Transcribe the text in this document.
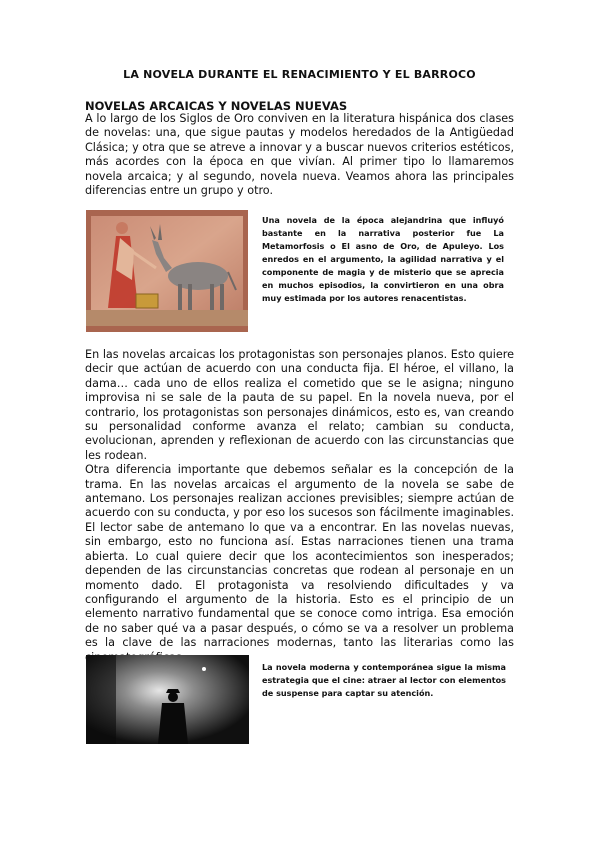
LA NOVELA DURANTE EL RENACIMIENTO Y EL BARROCO
NOVELAS ARCAICAS Y NOVELAS NUEVAS

A lo largo de los Siglos de Oro conviven en la literatura hispánica dos clases de novelas: una, que sigue pautas y modelos heredados de la Antigüedad Clásica; y otra que se atreve a innovar y a buscar nuevos criterios estéticos, más acordes con la época en que vivían. Al primer tipo lo llamaremos novela arcaica; y al segundo, novela nueva. Veamos ahora las principales diferencias entre un grupo y otro.

Una novela de la época alejandrina que influyó bastante en la narrativa posterior fue La Metamorfosis o El asno de Oro, de Apuleyo. Los enredos en el argumento, la agilidad narrativa y el componente de magia y de misterio que se aprecia en muchos episodios, la convirtieron en una obra muy estimada por los autores renacentistas.

En las novelas arcaicas los protagonistas son personajes planos. Esto quiere decir que actúan de acuerdo con una conducta fija. El héroe, el villano, la dama… cada uno de ellos realiza el cometido que se le asigna; ninguno improvisa ni se sale de la pauta de su papel. En la novela nueva, por el contrario, los protagonistas son personajes dinámicos, esto es, van creando su personalidad conforme avanza el relato; cambian su conducta, evolucionan, aprenden y reflexionan de acuerdo con las circunstancias que les rodean.
Otra diferencia importante que debemos señalar es la concepción de la trama. En las novelas arcaicas el argumento de la novela se sabe de antemano. Los personajes realizan acciones previsibles; siempre actúan de acuerdo con su conducta, y por eso los sucesos son fácilmente imaginables. El lector sabe de antemano lo que va a encontrar. En las novelas nuevas, sin embargo, esto no funciona así. Estas narraciones tienen una trama abierta. Lo cual quiere decir que los acontecimientos son inesperados; dependen de las circunstancias concretas que rodean al personaje en un momento dado. El protagonista va resolviendo dificultades y va configurando el argumento de la historia. Esto es el principio de un elemento narrativo fundamental que se conoce como intriga. Esa emoción de no saber qué va a pasar después, o cómo se va a resolver un problema es la clave de las narraciones modernas, tanto las literarias como las

La novela moderna y contemporánea sigue la misma estrategia que el cine: atraer al lector con elementos de suspense para captar su atención.
